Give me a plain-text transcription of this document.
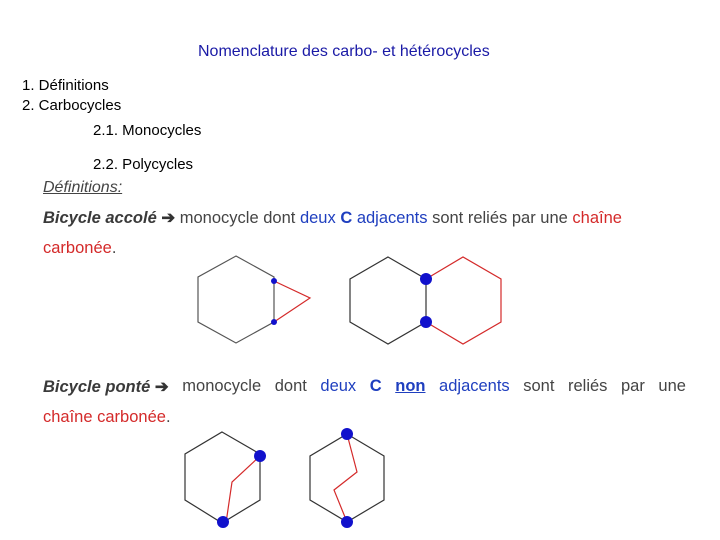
Nomenclature des carbo- et hétérocycles
1. Définitions
2. Carbocycles
2.1. Monocycles
2.2. Polycycles
Définitions:
Bicycle accolé ➔ monocycle dont deux C adjacents sont reliés par une chaîne
carbonée.
Bicycle ponté ➔ monocycle dont deux C non adjacents sont reliés par une
chaîne carbonée.
